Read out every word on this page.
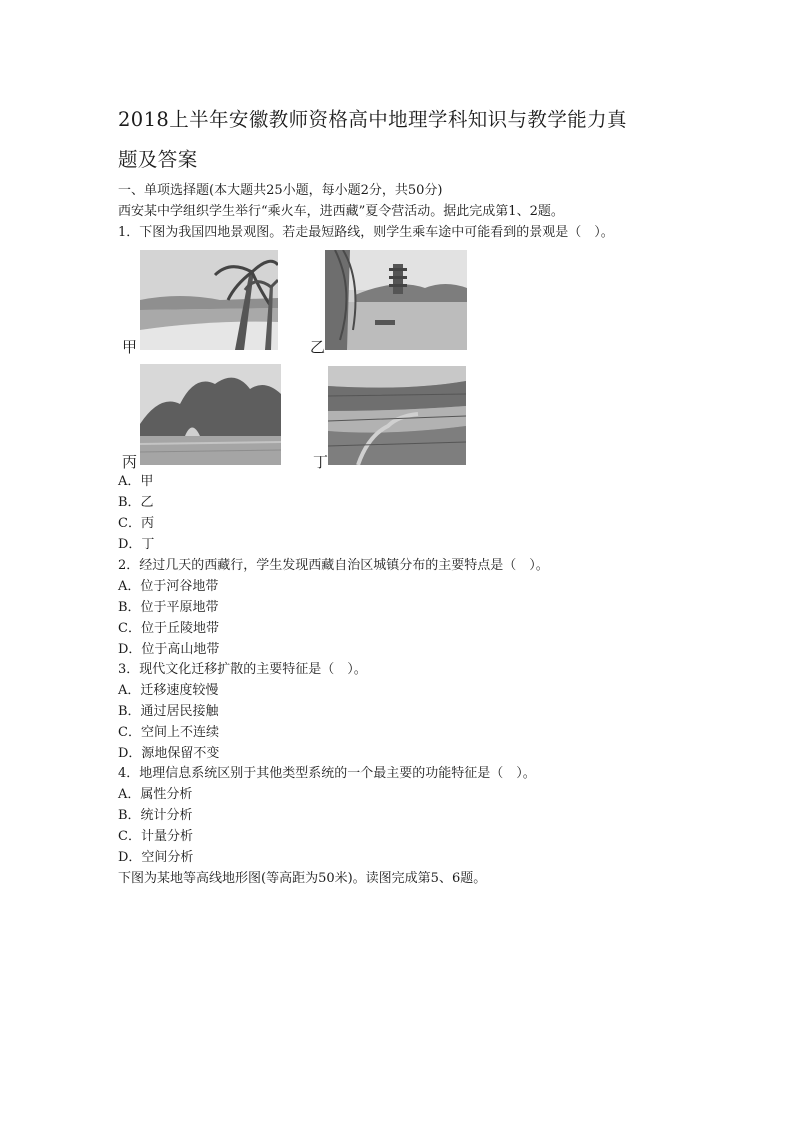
2018上半年安徽教师资格高中地理学科知识与教学能力真
题及答案

一、单项选择题(本大题共25小题，每小题2分，共50分)

西安某中学组织学生举行“乘火车，进西藏”夏令营活动。据此完成第1、2题。

1．下图为我国四地景观图。若走最短路线，则学生乘车途中可能看到的景观是（　）。

甲	乙
丙	丁

A．甲

B．乙

C．丙

D．丁

2．经过几天的西藏行，学生发现西藏自治区城镇分布的主要特点是（　）。

A．位于河谷地带

B．位于平原地带

C．位于丘陵地带

D．位于高山地带

3．现代文化迁移扩散的主要特征是（　）。

A．迁移速度较慢

B．通过居民接触

C．空间上不连续

D．源地保留不变

4．地理信息系统区别于其他类型系统的一个最主要的功能特征是（　）。

A．属性分析

B．统计分析

C．计量分析

D．空间分析

下图为某地等高线地形图(等高距为50米)。读图完成第5、6题。
